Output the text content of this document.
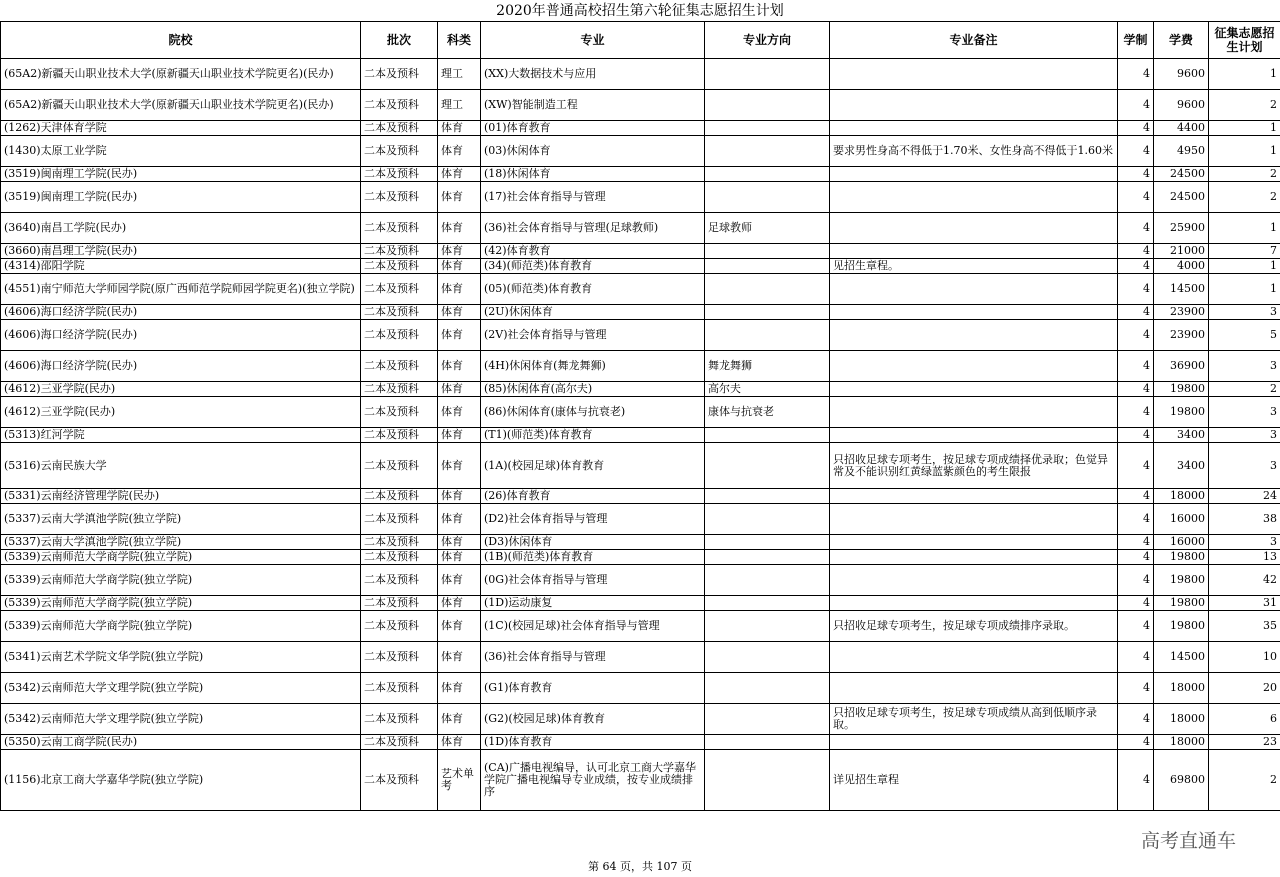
2020年普通高校招生第六轮征集志愿招生计划
院校	批次	科类	专业	专业方向	专业备注	学制	学费	征集志愿招生计划
(65A2)新疆天山职业技术大学(原新疆天山职业技术学院更名)(民办)	二本及预科	理工	(XX)大数据技术与应用			4	9600	1
(65A2)新疆天山职业技术大学(原新疆天山职业技术学院更名)(民办)	二本及预科	理工	(XW)智能制造工程			4	9600	2
(1262)天津体育学院	二本及预科	体育	(01)体育教育			4	4400	1
(1430)太原工业学院	二本及预科	体育	(03)休闲体育		要求男性身高不得低于1.70米、女性身高不得低于1.60米	4	4950	1
(3519)闽南理工学院(民办)	二本及预科	体育	(18)休闲体育			4	24500	2
(3519)闽南理工学院(民办)	二本及预科	体育	(17)社会体育指导与管理			4	24500	2
(3640)南昌工学院(民办)	二本及预科	体育	(36)社会体育指导与管理(足球教师)	足球教师		4	25900	1
(3660)南昌理工学院(民办)	二本及预科	体育	(42)体育教育			4	21000	7
(4314)邵阳学院	二本及预科	体育	(34)(师范类)体育教育		见招生章程。	4	4000	1
(4551)南宁师范大学师园学院(原广西师范学院师园学院更名)(独立学院)	二本及预科	体育	(05)(师范类)体育教育			4	14500	1
(4606)海口经济学院(民办)	二本及预科	体育	(2U)休闲体育			4	23900	3
(4606)海口经济学院(民办)	二本及预科	体育	(2V)社会体育指导与管理			4	23900	5
(4606)海口经济学院(民办)	二本及预科	体育	(4H)休闲体育(舞龙舞狮)	舞龙舞狮		4	36900	3
(4612)三亚学院(民办)	二本及预科	体育	(85)休闲体育(高尔夫)	高尔夫		4	19800	2
(4612)三亚学院(民办)	二本及预科	体育	(86)休闲体育(康体与抗衰老)	康体与抗衰老		4	19800	3
(5313)红河学院	二本及预科	体育	(T1)(师范类)体育教育			4	3400	3
(5316)云南民族大学	二本及预科	体育	(1A)(校园足球)体育教育		只招收足球专项考生，按足球专项成绩择优录取；色觉异常及不能识别红黄绿蓝紫颜色的考生限报	4	3400	3
(5331)云南经济管理学院(民办)	二本及预科	体育	(26)体育教育			4	18000	24
(5337)云南大学滇池学院(独立学院)	二本及预科	体育	(D2)社会体育指导与管理			4	16000	38
(5337)云南大学滇池学院(独立学院)	二本及预科	体育	(D3)休闲体育			4	16000	3
(5339)云南师范大学商学院(独立学院)	二本及预科	体育	(1B)(师范类)体育教育			4	19800	13
(5339)云南师范大学商学院(独立学院)	二本及预科	体育	(0G)社会体育指导与管理			4	19800	42
(5339)云南师范大学商学院(独立学院)	二本及预科	体育	(1D)运动康复			4	19800	31
(5339)云南师范大学商学院(独立学院)	二本及预科	体育	(1C)(校园足球)社会体育指导与管理		只招收足球专项考生，按足球专项成绩排序录取。	4	19800	35
(5341)云南艺术学院文华学院(独立学院)	二本及预科	体育	(36)社会体育指导与管理			4	14500	10
(5342)云南师范大学文理学院(独立学院)	二本及预科	体育	(G1)体育教育			4	18000	20
(5342)云南师范大学文理学院(独立学院)	二本及预科	体育	(G2)(校园足球)体育教育		只招收足球专项考生，按足球专项成绩从高到低顺序录取。	4	18000	6
(5350)云南工商学院(民办)	二本及预科	体育	(1D)体育教育			4	18000	23
(1156)北京工商大学嘉华学院(独立学院)	二本及预科	艺术单考	(CA)广播电视编导，认可北京工商大学嘉华学院广播电视编导专业成绩，按专业成绩排序		详见招生章程	4	69800	2
高考直通车
第 64 页，共 107 页
